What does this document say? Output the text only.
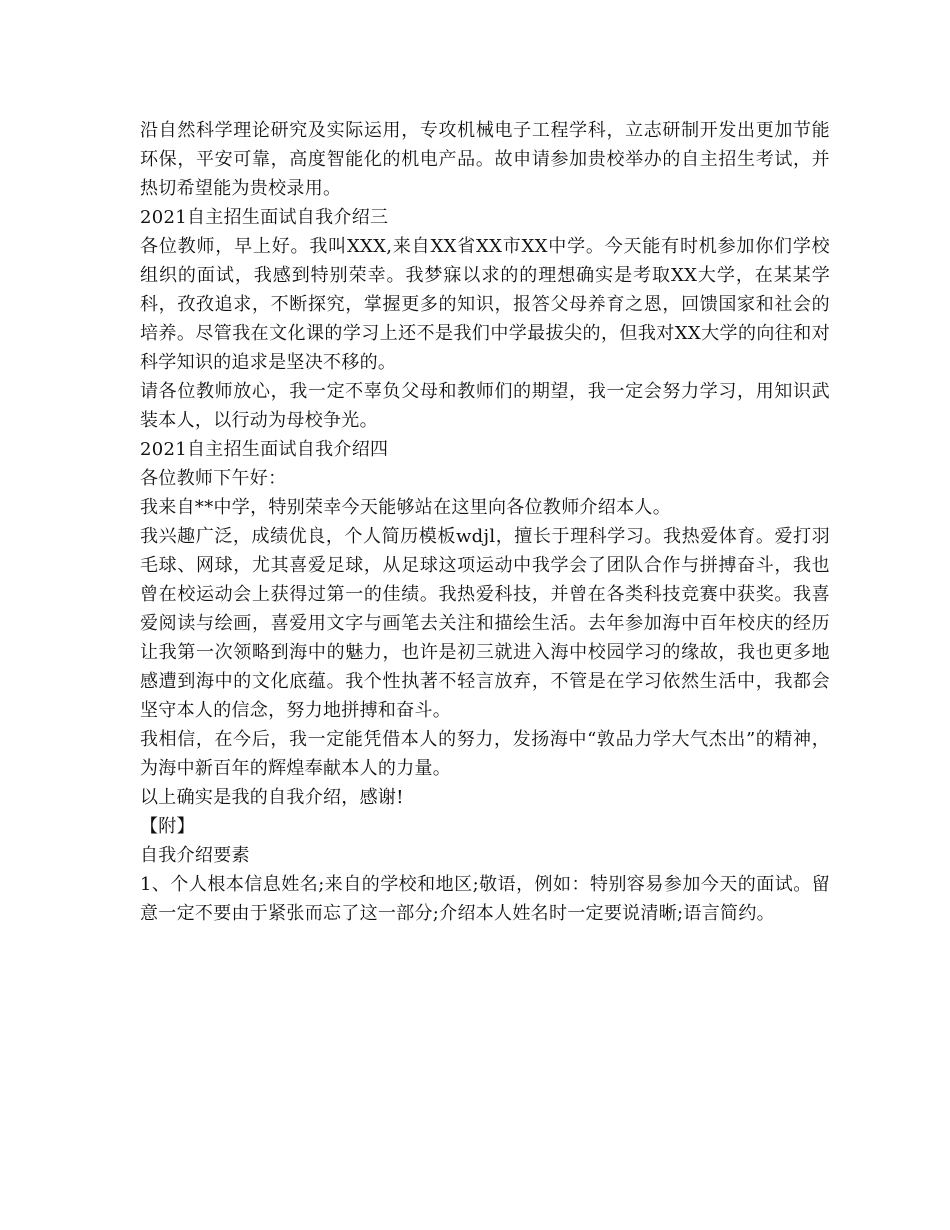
沿自然科学理论研究及实际运用，专攻机械电子工程学科，立志研制开发出更加节能环保，平安可靠，高度智能化的机电产品。故申请参加贵校举办的自主招生考试，并热切希望能为贵校录用。

2021自主招生面试自我介绍三

各位教师，早上好。我叫XXX,来自XX省XX市XX中学。今天能有时机参加你们学校组织的面试，我感到特别荣幸。我梦寐以求的的理想确实是考取XX大学，在某某学科，孜孜追求，不断探究，掌握更多的知识，报答父母养育之恩，回馈国家和社会的培养。尽管我在文化课的学习上还不是我们中学最拔尖的，但我对XX大学的向往和对科学知识的追求是坚决不移的。

请各位教师放心，我一定不辜负父母和教师们的期望，我一定会努力学习，用知识武装本人，以行动为母校争光。

2021自主招生面试自我介绍四

各位教师下午好：

我来自**中学，特别荣幸今天能够站在这里向各位教师介绍本人。

我兴趣广泛，成绩优良，个人简历模板wdjl，擅长于理科学习。我热爱体育。爱打羽毛球、网球，尤其喜爱足球，从足球这项运动中我学会了团队合作与拼搏奋斗，我也曾在校运动会上获得过第一的佳绩。我热爱科技，并曾在各类科技竞赛中获奖。我喜爱阅读与绘画，喜爱用文字与画笔去关注和描绘生活。去年参加海中百年校庆的经历让我第一次领略到海中的魅力，也许是初三就进入海中校园学习的缘故，我也更多地感遭到海中的文化底蕴。我个性执著不轻言放弃，不管是在学习依然生活中，我都会坚守本人的信念，努力地拼搏和奋斗。

我相信，在今后，我一定能凭借本人的努力，发扬海中“敦品力学大气杰出”的精神，为海中新百年的辉煌奉献本人的力量。

以上确实是我的自我介绍，感谢!

【附】

自我介绍要素

1、个人根本信息姓名;来自的学校和地区;敬语，例如：特别容易参加今天的面试。留意一定不要由于紧张而忘了这一部分;介绍本人姓名时一定要说清晰;语言简约。
